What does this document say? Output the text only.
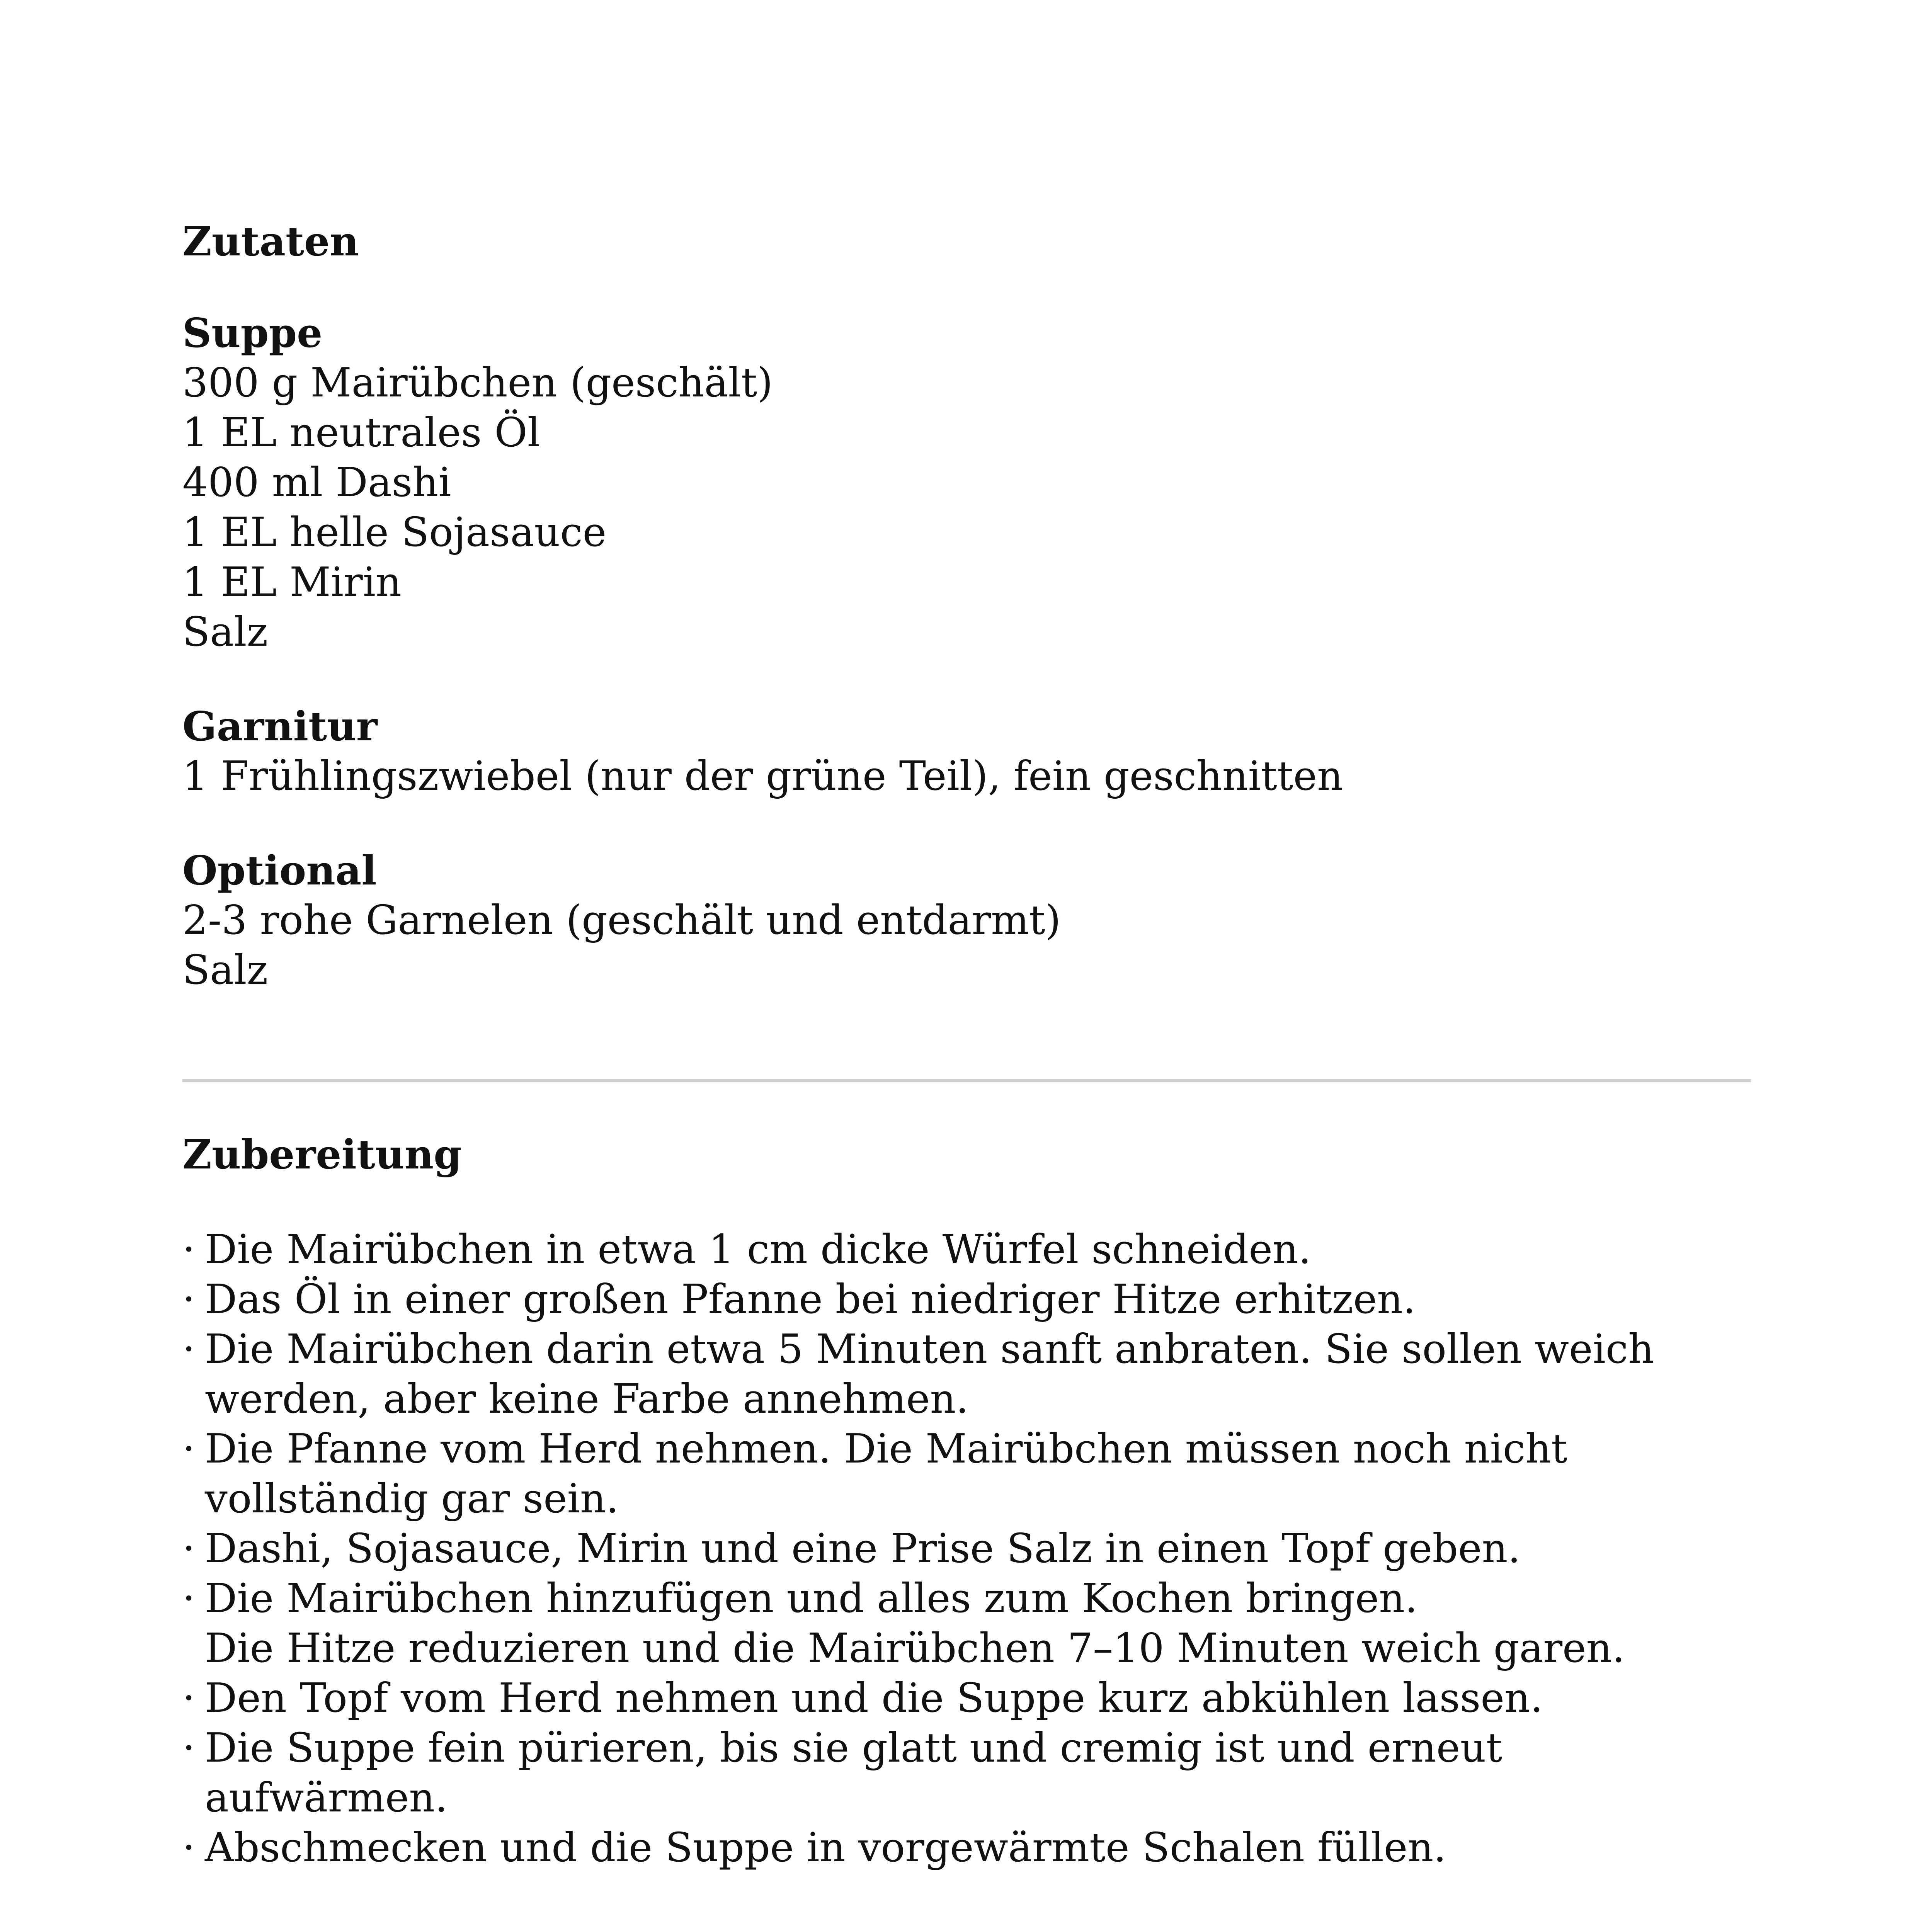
Zutaten
Suppe
300 g Mairübchen (geschält)
1 EL neutrales Öl
400 ml Dashi
1 EL helle Sojasauce
1 EL Mirin
Salz
Garnitur
1 Frühlingszwiebel (nur der grüne Teil), fein geschnitten
Optional
2-3 rohe Garnelen (geschält und entdarmt)
Salz
Zubereitung
· Die Mairübchen in etwa 1 cm dicke Würfel schneiden.
· Das Öl in einer großen Pfanne bei niedriger Hitze erhitzen.
· Die Mairübchen darin etwa 5 Minuten sanft anbraten. Sie sollen weich
werden, aber keine Farbe annehmen.
· Die Pfanne vom Herd nehmen. Die Mairübchen müssen noch nicht
vollständig gar sein.
· Dashi, Sojasauce, Mirin und eine Prise Salz in einen Topf geben.
· Die Mairübchen hinzufügen und alles zum Kochen bringen.
Die Hitze reduzieren und die Mairübchen 7–10 Minuten weich garen.
· Den Topf vom Herd nehmen und die Suppe kurz abkühlen lassen.
· Die Suppe fein pürieren, bis sie glatt und cremig ist und erneut aufwärmen.
· Abschmecken und die Suppe in vorgewärmte Schalen füllen.
